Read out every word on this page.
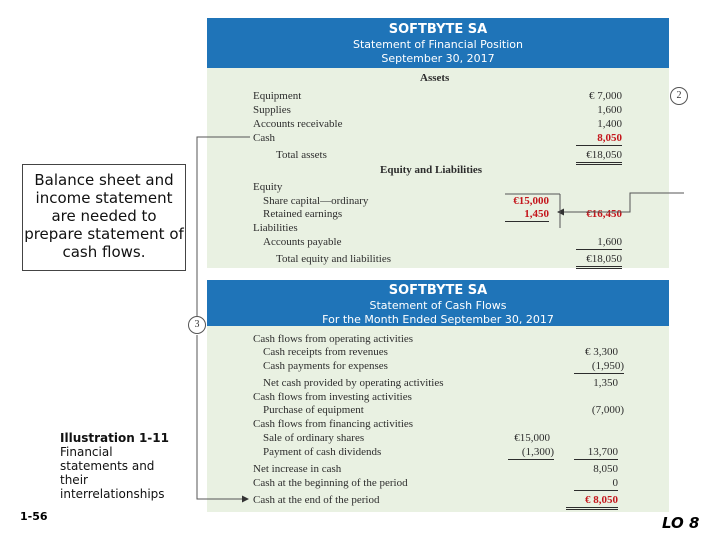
SOFTBYTE SA
Statement of Financial Position
September 30, 2017
Assets
Equipment	€ 7,000
Supplies	1,600
Accounts receivable	1,400
Cash	8,050
Total assets	€18,050
Equity and Liabilities
Equity
Share capital—ordinary	€15,000
Retained earnings	1,450	€16,450
Liabilities
Accounts payable	1,600
Total equity and liabilities	€18,050
2
SOFTBYTE SA
Statement of Cash Flows
For the Month Ended September 30, 2017
Cash flows from operating activities
Cash receipts from revenues	€ 3,300
Cash payments for expenses	(1,950)
Net cash provided by operating activities	1,350
Cash flows from investing activities
Purchase of equipment	(7,000)
Cash flows from financing activities
Sale of ordinary shares	€15,000
Payment of cash dividends	(1,300)	13,700
Net increase in cash	8,050
Cash at the beginning of the period	0
Cash at the end of the period	€ 8,050
3
Balance sheet and income statement are needed to prepare statement of cash flows.
Illustration 1-11
Financial statements and their interrelationships
1-56	LO 8
